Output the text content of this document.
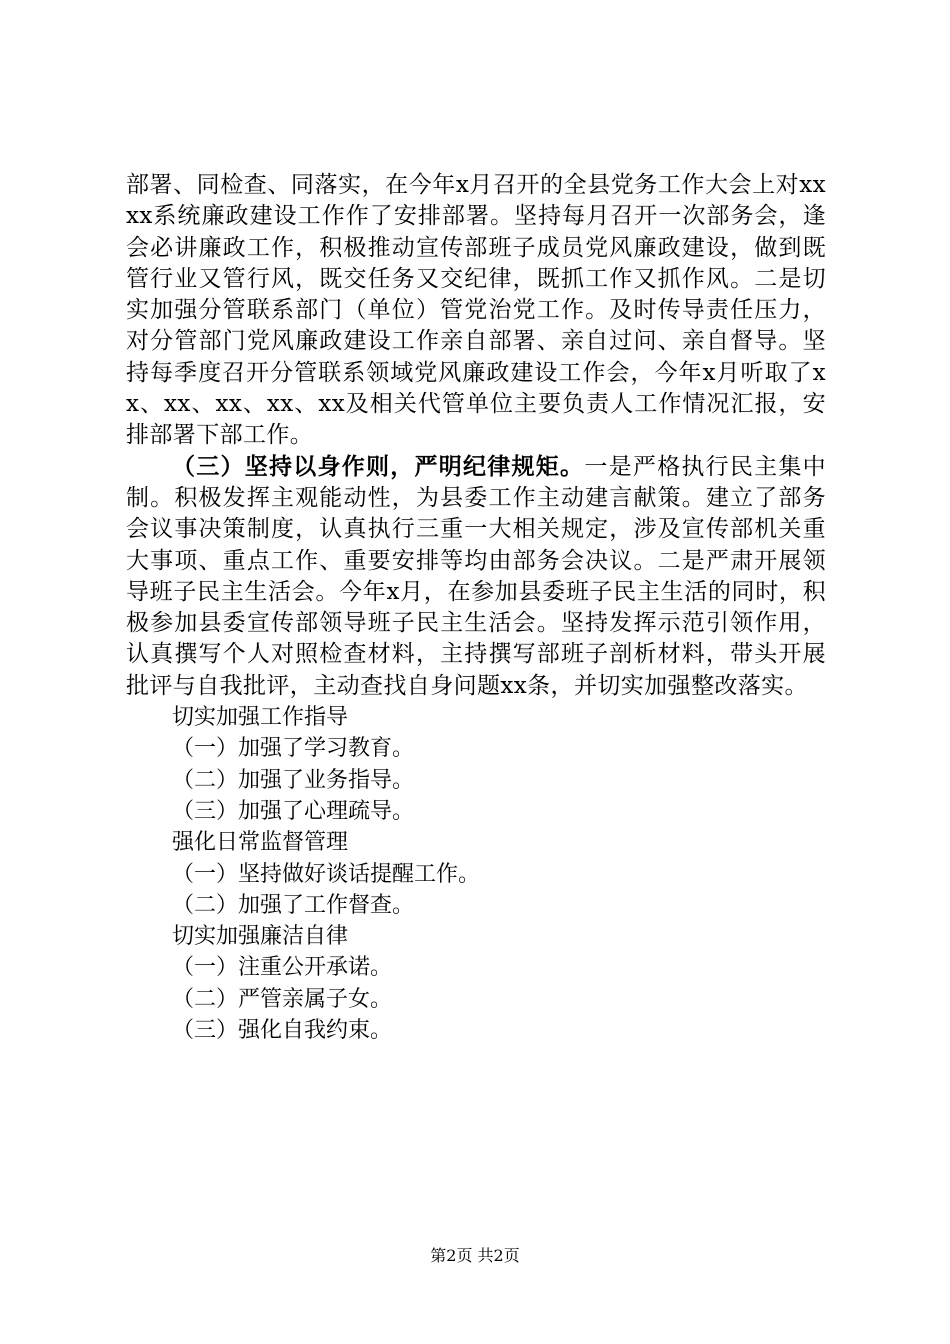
部署、同检查、同落实，在今年x月召开的全县党务工作大会上对xxxx系统廉政建设工作作了安排部署。坚持每月召开一次部务会，逢会必讲廉政工作，积极推动宣传部班子成员党风廉政建设，做到既管行业又管行风，既交任务又交纪律，既抓工作又抓作风。二是切实加强分管联系部门（单位）管党治党工作。及时传导责任压力，对分管部门党风廉政建设工作亲自部署、亲自过问、亲自督导。坚持每季度召开分管联系领域党风廉政建设工作会，今年x月听取了xx、xx、xx、xx、xx及相关代管单位主要负责人工作情况汇报，安排部署下部工作。

（三）坚持以身作则，严明纪律规矩。一是严格执行民主集中制。积极发挥主观能动性，为县委工作主动建言献策。建立了部务会议事决策制度，认真执行三重一大相关规定，涉及宣传部机关重大事项、重点工作、重要安排等均由部务会决议。二是严肃开展领导班子民主生活会。今年x月，在参加县委班子民主生活的同时，积极参加县委宣传部领导班子民主生活会。坚持发挥示范引领作用，认真撰写个人对照检查材料，主持撰写部班子剖析材料，带头开展批评与自我批评，主动查找自身问题xx条，并切实加强整改落实。

切实加强工作指导

（一）加强了学习教育。

（二）加强了业务指导。

（三）加强了心理疏导。

强化日常监督管理

（一）坚持做好谈话提醒工作。

（二）加强了工作督查。

切实加强廉洁自律

（一）注重公开承诺。

（二）严管亲属子女。

（三）强化自我约束。

第2页 共2页
